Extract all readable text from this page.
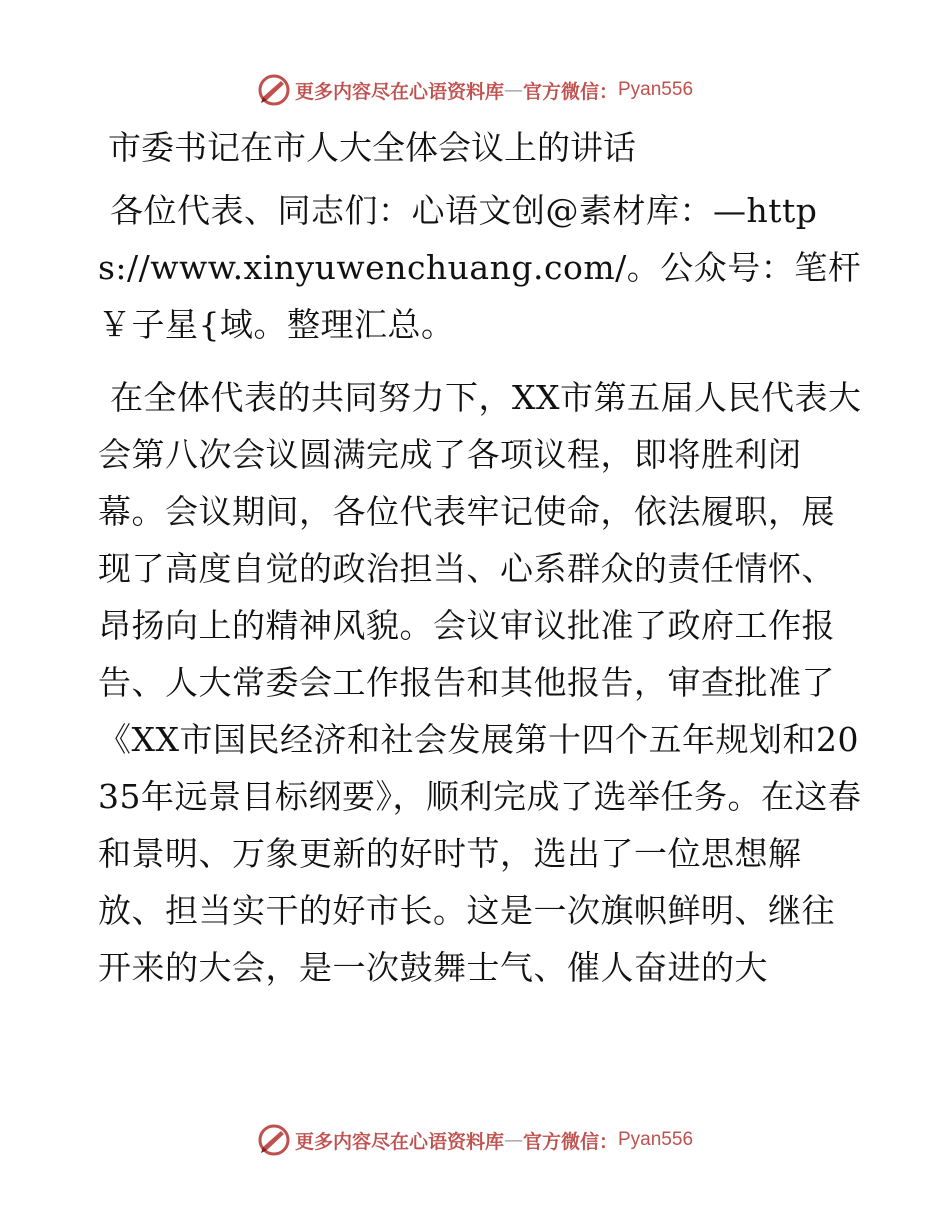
更多内容尽在心语资料库 — 官方微信： Pyan556
市委书记在市人大全体会议上的讲话

各位代表、同志们：心语文创@素材库：—https://www.xinyuwenchuang.com/。公众号：笔杆￥子星{域。整理汇总。

在全体代表的共同努力下，XX市第五届人民代表大会第八次会议圆满完成了各项议程，即将胜利闭幕。会议期间，各位代表牢记使命，依法履职，展现了高度自觉的政治担当、心系群众的责任情怀、昂扬向上的精神风貌。会议审议批准了政府工作报告、人大常委会工作报告和其他报告，审查批准了《XX市国民经济和社会发展第十四个五年规划和2035年远景目标纲要》，顺利完成了选举任务。在这春和景明、万象更新的好时节，选出了一位思想解放、担当实干的好市长。这是一次旗帜鲜明、继往开来的大会，是一次鼓舞士气、催人奋进的大

更多内容尽在心语资料库 — 官方微信： Pyan556
